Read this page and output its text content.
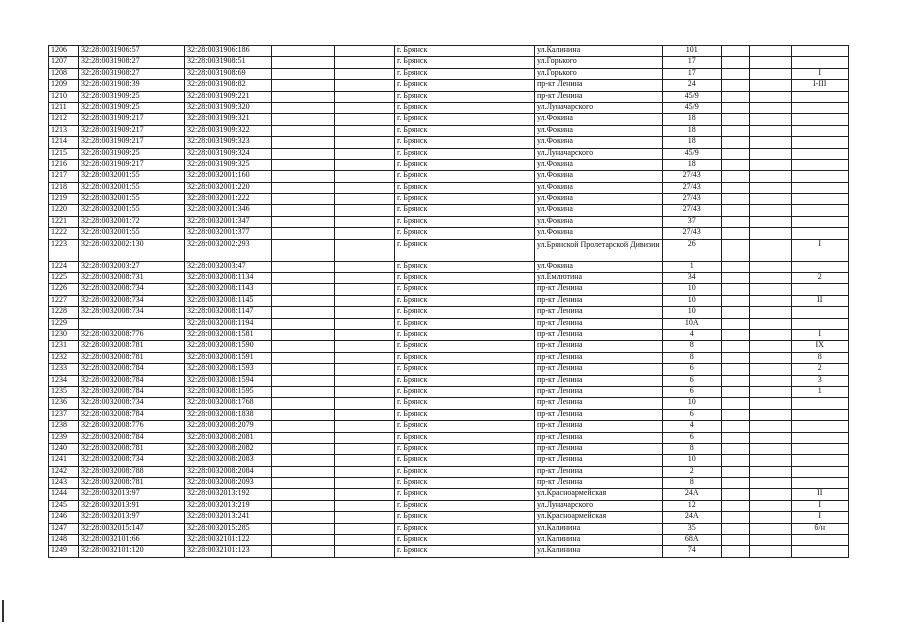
1206	32:28:0031906:57	32:28:0031906:186			г. Брянск	ул.Калинина	101			
1207	32:28:0031908:27	32:28:0031908:51			г. Брянск	ул.Горького	17			
1208	32:28:0031908:27	32:28:0031908:69			г. Брянск	ул.Горького	17			I
1209	32:28:0031908:39	32:28:0031908:82			г. Брянск	пр-кт Ленина	24			I-III
1210	32:28:0031909:25	32:28:0031909:221			г. Брянск	пр-кт Ленина	45/9			
1211	32:28:0031909:25	32:28:0031909:320			г. Брянск	ул.Луначарского	45/9			
1212	32:28:0031909:217	32:28:0031909:321			г. Брянск	ул.Фокина	18			
1213	32:28:0031909:217	32:28:0031909:322			г. Брянск	ул.Фокина	18			
1214	32:28:0031909:217	32:28:0031909:323			г. Брянск	ул.Фокина	18			
1215	32:28:0031909:25	32:28:0031909:324			г. Брянск	ул.Луначарского	45/9			
1216	32:28:0031909:217	32:28:0031909:325			г. Брянск	ул.Фокина	18			
1217	32:28:0032001:55	32:28:0032001:160			г. Брянск	ул.Фокина	27/43			
1218	32:28:0032001:55	32:28:0032001:220			г. Брянск	ул.Фокина	27/43			
1219	32:28:0032001:55	32:28:0032001:222			г. Брянск	ул.Фокина	27/43			
1220	32:28:0032001:55	32:28:0032001:346			г. Брянск	ул.Фокина	27/43			
1221	32:28:0032001:72	32:28:0032001:347			г. Брянск	ул.Фокина	37			
1222	32:28:0032001:55	32:28:0032001:377			г. Брянск	ул.Фокина	27/43			
1223	32:28:0032002:130	32:28:0032002:293			г. Брянск	ул.Брянской Пролетарской Дивизии	26			I
1224	32:28:0032003:27	32:28:0032003:47			г. Брянск	ул.Фокина	1			
1225	32:28:0032008:731	32:28:0032008:1134			г. Брянск	ул.Емлютина	34			2
1226	32:28:0032008:734	32:28:0032008:1143			г. Брянск	пр-кт Ленина	10			
1227	32:28:0032008:734	32:28:0032008:1145			г. Брянск	пр-кт Ленина	10			II
1228	32:28:0032008:734	32:28:0032008:1147			г. Брянск	пр-кт Ленина	10			
1229		32:28:0032008:1194			г. Брянск	пр-кт Ленина	10А			
1230	32:28:0032008:776	32:28:0032008:1581			г. Брянск	пр-кт Ленина	4			I
1231	32:28:0032008:781	32:28:0032008:1590			г. Брянск	пр-кт Ленина	8			IX
1232	32:28:0032008:781	32:28:0032008:1591			г. Брянск	пр-кт Ленина	8			8
1233	32:28:0032008:784	32:28:0032008:1593			г. Брянск	пр-кт Ленина	6			2
1234	32:28:0032008:784	32:28:0032008:1594			г. Брянск	пр-кт Ленина	6			3
1235	32:28:0032008:784	32:28:0032008:1595			г. Брянск	пр-кт Ленина	6			1
1236	32:28:0032008:734	32:28:0032008:1768			г. Брянск	пр-кт Ленина	10			
1237	32:28:0032008:784	32:28:0032008:1838			г. Брянск	пр-кт Ленина	6			
1238	32:28:0032008:776	32:28:0032008:2079			г. Брянск	пр-кт Ленина	4			
1239	32:28:0032008:784	32:28:0032008:2081			г. Брянск	пр-кт Ленина	6			
1240	32:28:0032008:781	32:28:0032008:2082			г. Брянск	пр-кт Ленина	8			
1241	32:28:0032008:734	32:28:0032008:2083			г. Брянск	пр-кт Ленина	10			
1242	32:28:0032008:788	32:28:0032008:2084			г. Брянск	пр-кт Ленина	2			
1243	32:28:0032008:781	32:28:0032008:2093			г. Брянск	пр-кт Ленина	8			
1244	32:28:0032013:97	32:28:0032013:192			г. Брянск	ул.Красноармейская	24А			II
1245	32:28:0032013:91	32:28:0032013:219			г. Брянск	ул.Луначарского	12			I
1246	32:28:0032013:97	32:28:0032013:241			г. Брянск	ул.Красноармейская	24А			I
1247	32:28:0032015:147	32:28:0032015:285			г. Брянск	ул.Калинина	35			б/н
1248	32:28:0032101:66	32:28:0032101:122			г. Брянск	ул.Калинина	68А			
1249	32:28:0032101:120	32:28:0032101:123			г. Брянск	ул.Калинина	74			
